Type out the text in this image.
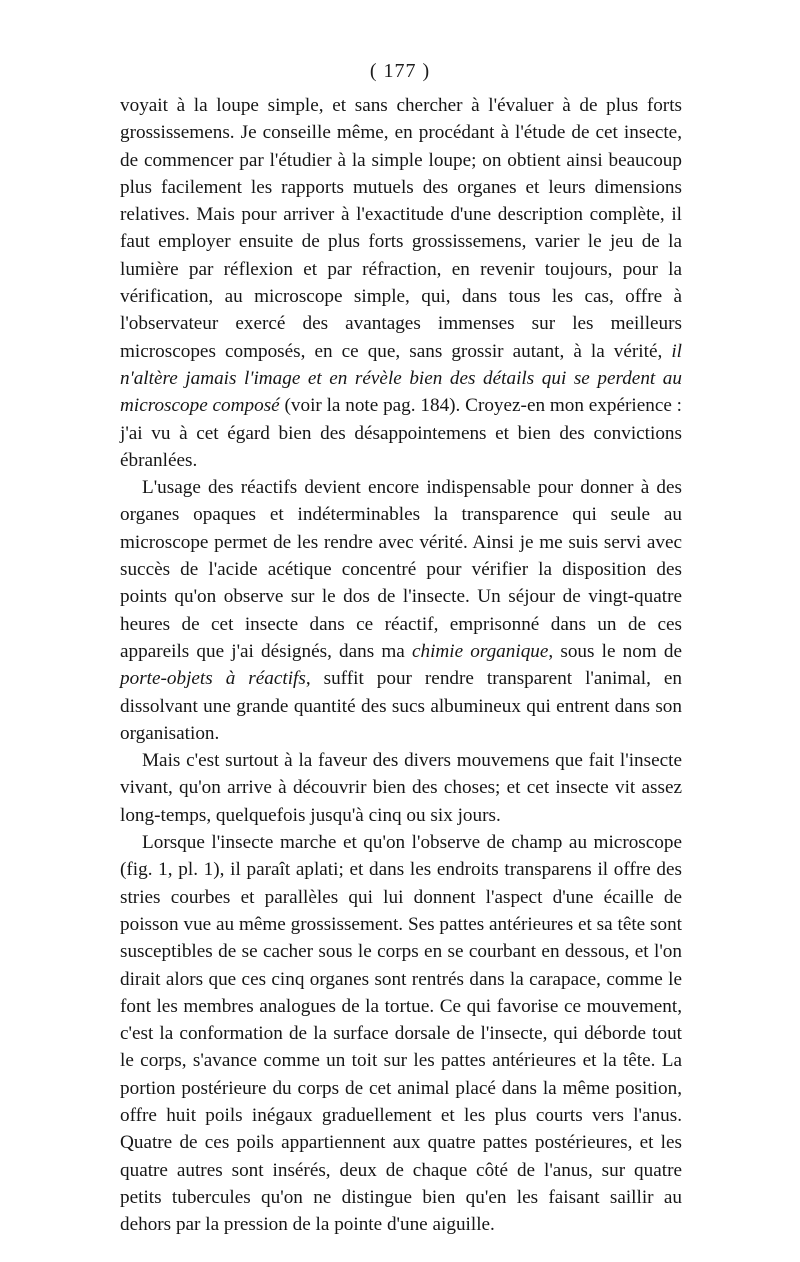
( 177 )

voyait à la loupe simple, et sans chercher à l'évaluer à de plus forts grossissemens. Je conseille même, en procédant à l'étude de cet insecte, de commencer par l'étudier à la simple loupe; on obtient ainsi beaucoup plus facilement les rapports mutuels des organes et leurs dimensions relatives. Mais pour arriver à l'exactitude d'une description complète, il faut employer ensuite de plus forts grossissemens, varier le jeu de la lumière par réflexion et par réfraction, en revenir toujours, pour la vérification, au microscope simple, qui, dans tous les cas, offre à l'observateur exercé des avantages immenses sur les meilleurs microscopes composés, en ce que, sans grossir autant, à la vérité, il n'altère jamais l'image et en révèle bien des détails qui se perdent au microscope composé (voir la note pag. 184). Croyez-en mon expérience : j'ai vu à cet égard bien des désappointemens et bien des convictions ébranlées.

L'usage des réactifs devient encore indispensable pour donner à des organes opaques et indéterminables la transparence qui seule au microscope permet de les rendre avec vérité. Ainsi je me suis servi avec succès de l'acide acétique concentré pour vérifier la disposition des points qu'on observe sur le dos de l'insecte. Un séjour de vingt-quatre heures de cet insecte dans ce réactif, emprisonné dans un de ces appareils que j'ai désignés, dans ma chimie organique, sous le nom de porte-objets à réactifs, suffit pour rendre transparent l'animal, en dissolvant une grande quantité des sucs albumineux qui entrent dans son organisation.

Mais c'est surtout à la faveur des divers mouvemens que fait l'insecte vivant, qu'on arrive à découvrir bien des choses; et cet insecte vit assez long-temps, quelquefois jusqu'à cinq ou six jours.

Lorsque l'insecte marche et qu'on l'observe de champ au microscope (fig. 1, pl. 1), il paraît aplati; et dans les endroits transparens il offre des stries courbes et parallèles qui lui donnent l'aspect d'une écaille de poisson vue au même grossissement. Ses pattes antérieures et sa tête sont susceptibles de se cacher sous le corps en se courbant en dessous, et l'on dirait alors que ces cinq organes sont rentrés dans la carapace, comme le font les membres analogues de la tortue. Ce qui favorise ce mouvement, c'est la conformation de la surface dorsale de l'insecte, qui déborde tout le corps, s'avance comme un toit sur les pattes antérieures et la tête. La portion postérieure du corps de cet animal placé dans la même position, offre huit poils inégaux graduellement et les plus courts vers l'anus. Quatre de ces poils appartiennent aux quatre pattes postérieures, et les quatre autres sont insérés, deux de chaque côté de l'anus, sur quatre petits tubercules qu'on ne distingue bien qu'en les faisant saillir au dehors par la pression de la pointe d'une aiguille.
